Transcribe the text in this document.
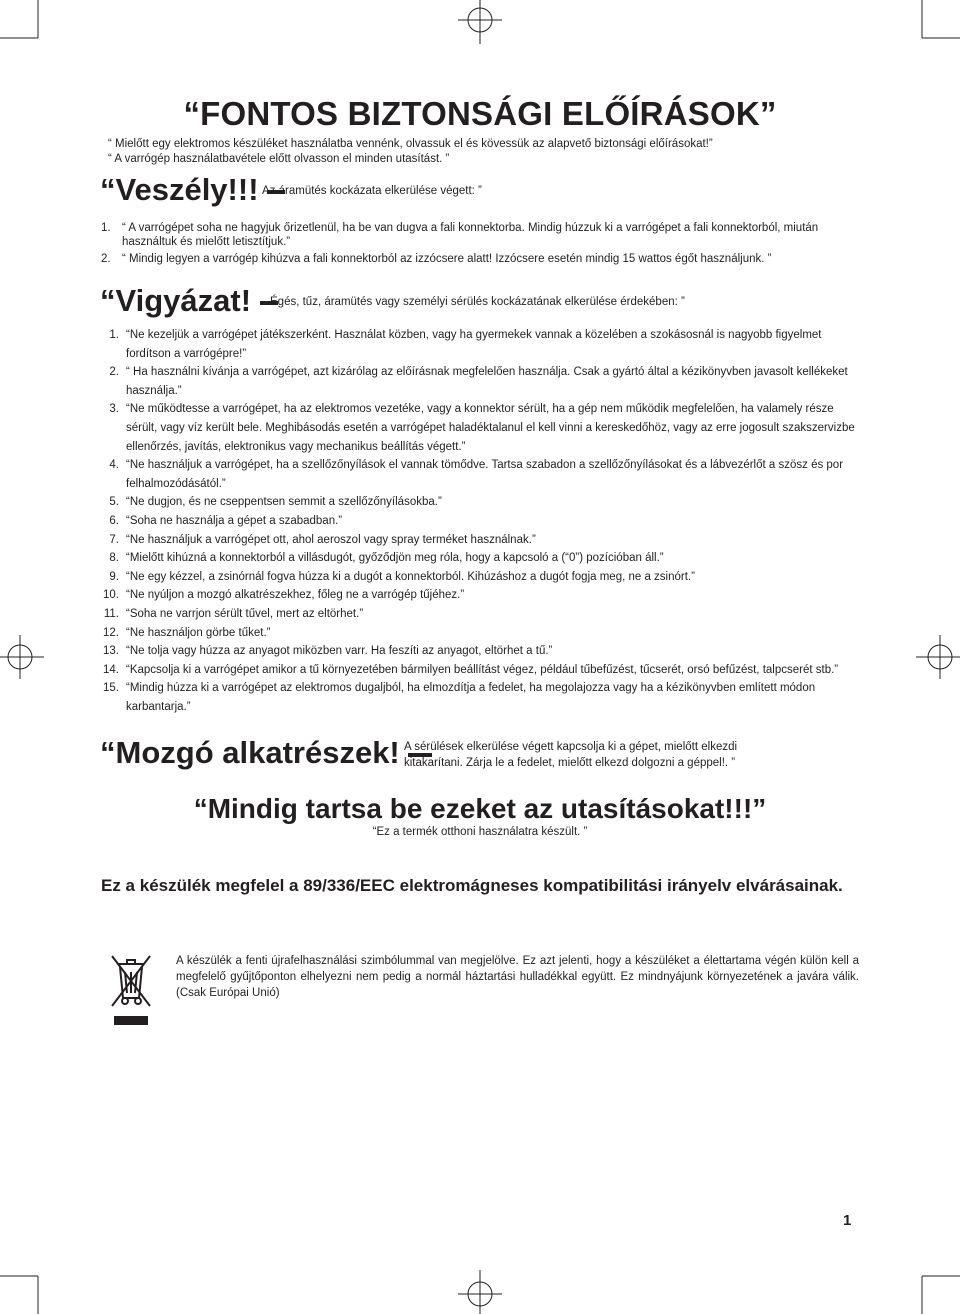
“FONTOS BIZTONSÁGI ELŐÍRÁSOK”
“ Mielőtt egy elektromos készüléket használatba vennénk, olvassuk el és kövessük az alapvető biztonsági előírásokat!”
“ A varrógép használatbavétele előtt olvasson el minden utasítást. ”
“Veszély!!! Az áramütés kockázata elkerülése végett: ”
1. “ A varrógépet soha ne hagyjuk őrizetlenül, ha be van dugva a fali konnektorba. Mindig húzzuk ki a varrógépet a fali konnektorból, miután használtuk és mielőtt letisztítjuk.”
2. “ Mindig legyen a varrógép kihúzva a fali konnektorból az izzócsere alatt! Izzócsere esetén mindig 15 wattos égőt használjunk. ”
“Vigyázat!	Égés, tűz, áramütés vagy személyi sérülés kockázatának elkerülése érdekében: ”
1. “Ne kezeljük a varrógépet játékszerként. Használat közben, vagy ha gyermekek vannak a közelében a szokásosnál is nagyobb figyelmet fordítson a varrógépre!”
2. “ Ha használni kívánja a varrógépet, azt kizárólag az előírásnak megfelelően használja. Csak a gyártó által a kézikönyvben javasolt kellékeket használja.”
3. “Ne működtesse a varrógépet, ha az elektromos vezetéke, vagy a konnektor sérült, ha a gép nem működik megfelelően, ha valamely része sérült, vagy víz került bele. Meghibásodás esetén a varrógépet haladéktalanul el kell vinni a kereskedőhöz, vagy az erre jogosult szakszervizbe ellenőrzés, javítás, elektronikus vagy mechanikus beállítás végett.”
4. “Ne használjuk a varrógépet, ha a szellőzőnyílások el vannak tömődve. Tartsa szabadon a szellőzőnyílásokat és a lábvezérlőt a szösz és por felhalmozódásától.”
5. “Ne dugjon, és ne cseppentsen semmit a szellőzőnyílásokba.”
6. “Soha ne használja a gépet a szabadban.”
7. “Ne használjuk a varrógépet ott, ahol aeroszol vagy spray terméket használnak.”
8. “Mielőtt kihúzná a konnektorból a villásdugót, győződjön meg róla, hogy a kapcsoló a (“0”) pozícióban áll.”
9. “Ne egy kézzel, a zsinórnál fogva húzza ki a dugót a konnektorból. Kihúzáshoz a dugót fogja meg, ne a zsinórt.”
10. “Ne nyúljon a mozgó alkatrészekhez, főleg ne a varrógép tűjéhez.”
11. “Soha ne varrjon sérült tűvel, mert az eltörhet.”
12. “Ne használjon görbe tűket.”
13. “Ne tolja vagy húzza az anyagot miközben varr. Ha feszíti az anyagot, eltörhet a tű.”
14. “Kapcsolja ki a varrógépet amikor a tű környezetében bármilyen beállítást végez, például tűbefűzést, tűcserét, orsó befűzést, talpcserét stb.”
15. “Mindig húzza ki a varrógépet az elektromos dugaljból, ha elmozdítja a fedelet, ha megolajozza vagy ha a kézikönyvben említett módon karbantarja.”
“Mozgó alkatrészek! A sérülések elkerülése végett kapcsolja ki a gépet, mielőtt elkezdi
kitakarítani. Zárja le a fedelet, mielőtt elkezd dolgozni a géppel!. ”
“Mindig tartsa be ezeket az utasításokat!!!”
“Ez a termék otthoni használatra készült. ”
Ez a készülék megfelel a 89/336/EEC elektromágneses kompatibilitási irányelv elvárásainak.
A készülék a fenti újrafelhasználási szimbólummal van megjelölve. Ez azt jelenti, hogy a készüléket a élettartama végén külön kell a megfelelő gyűjtőponton elhelyezni nem pedig a normál háztartási hulladékkal együtt. Ez mindnyájunk környezetének a javára válik. (Csak Európai Unió)
1
